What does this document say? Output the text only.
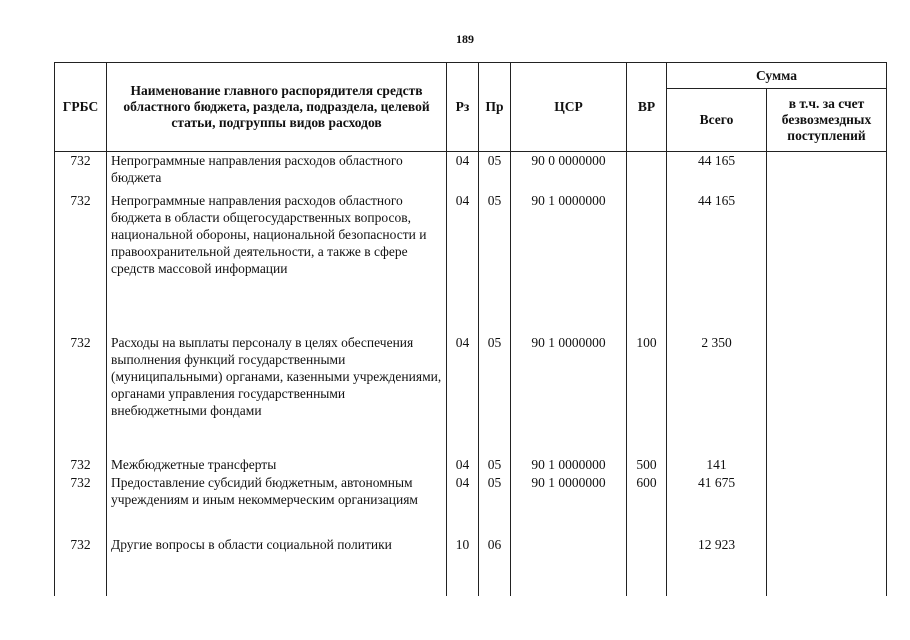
189
ГРБС	Наименование главного распорядителя средств областного бюджета, раздела, подраздела, целевой статьи, подгруппы видов расходов	Рз	Пр	ЦСР	ВР	Сумма	
						Всего	в т.ч. за счет безвозмездных поступлений
732	Непрограммные направления расходов областного бюджета	04	05	90 0 0000000		44 165	
732	Непрограммные направления расходов областного бюджета в области общегосударственных вопросов, национальной обороны, национальной безопасности и правоохранительной деятельности, а также в сфере средств массовой информации	04	05	90 1 0000000		44 165	
732	Расходы на выплаты персоналу в целях обеспечения выполнения функций государственными (муниципальными) органами, казенными учреждениями, органами управления государственными внебюджетными фондами	04	05	90 1 0000000	100	2 350	
732	Межбюджетные трансферты	04	05	90 1 0000000	500	141	
732	Предоставление субсидий бюджетным, автономным учреждениям и иным некоммерческим организациям	04	05	90 1 0000000	600	41 675	
732	Другие вопросы в области социальной политики	10	06			12 923	
